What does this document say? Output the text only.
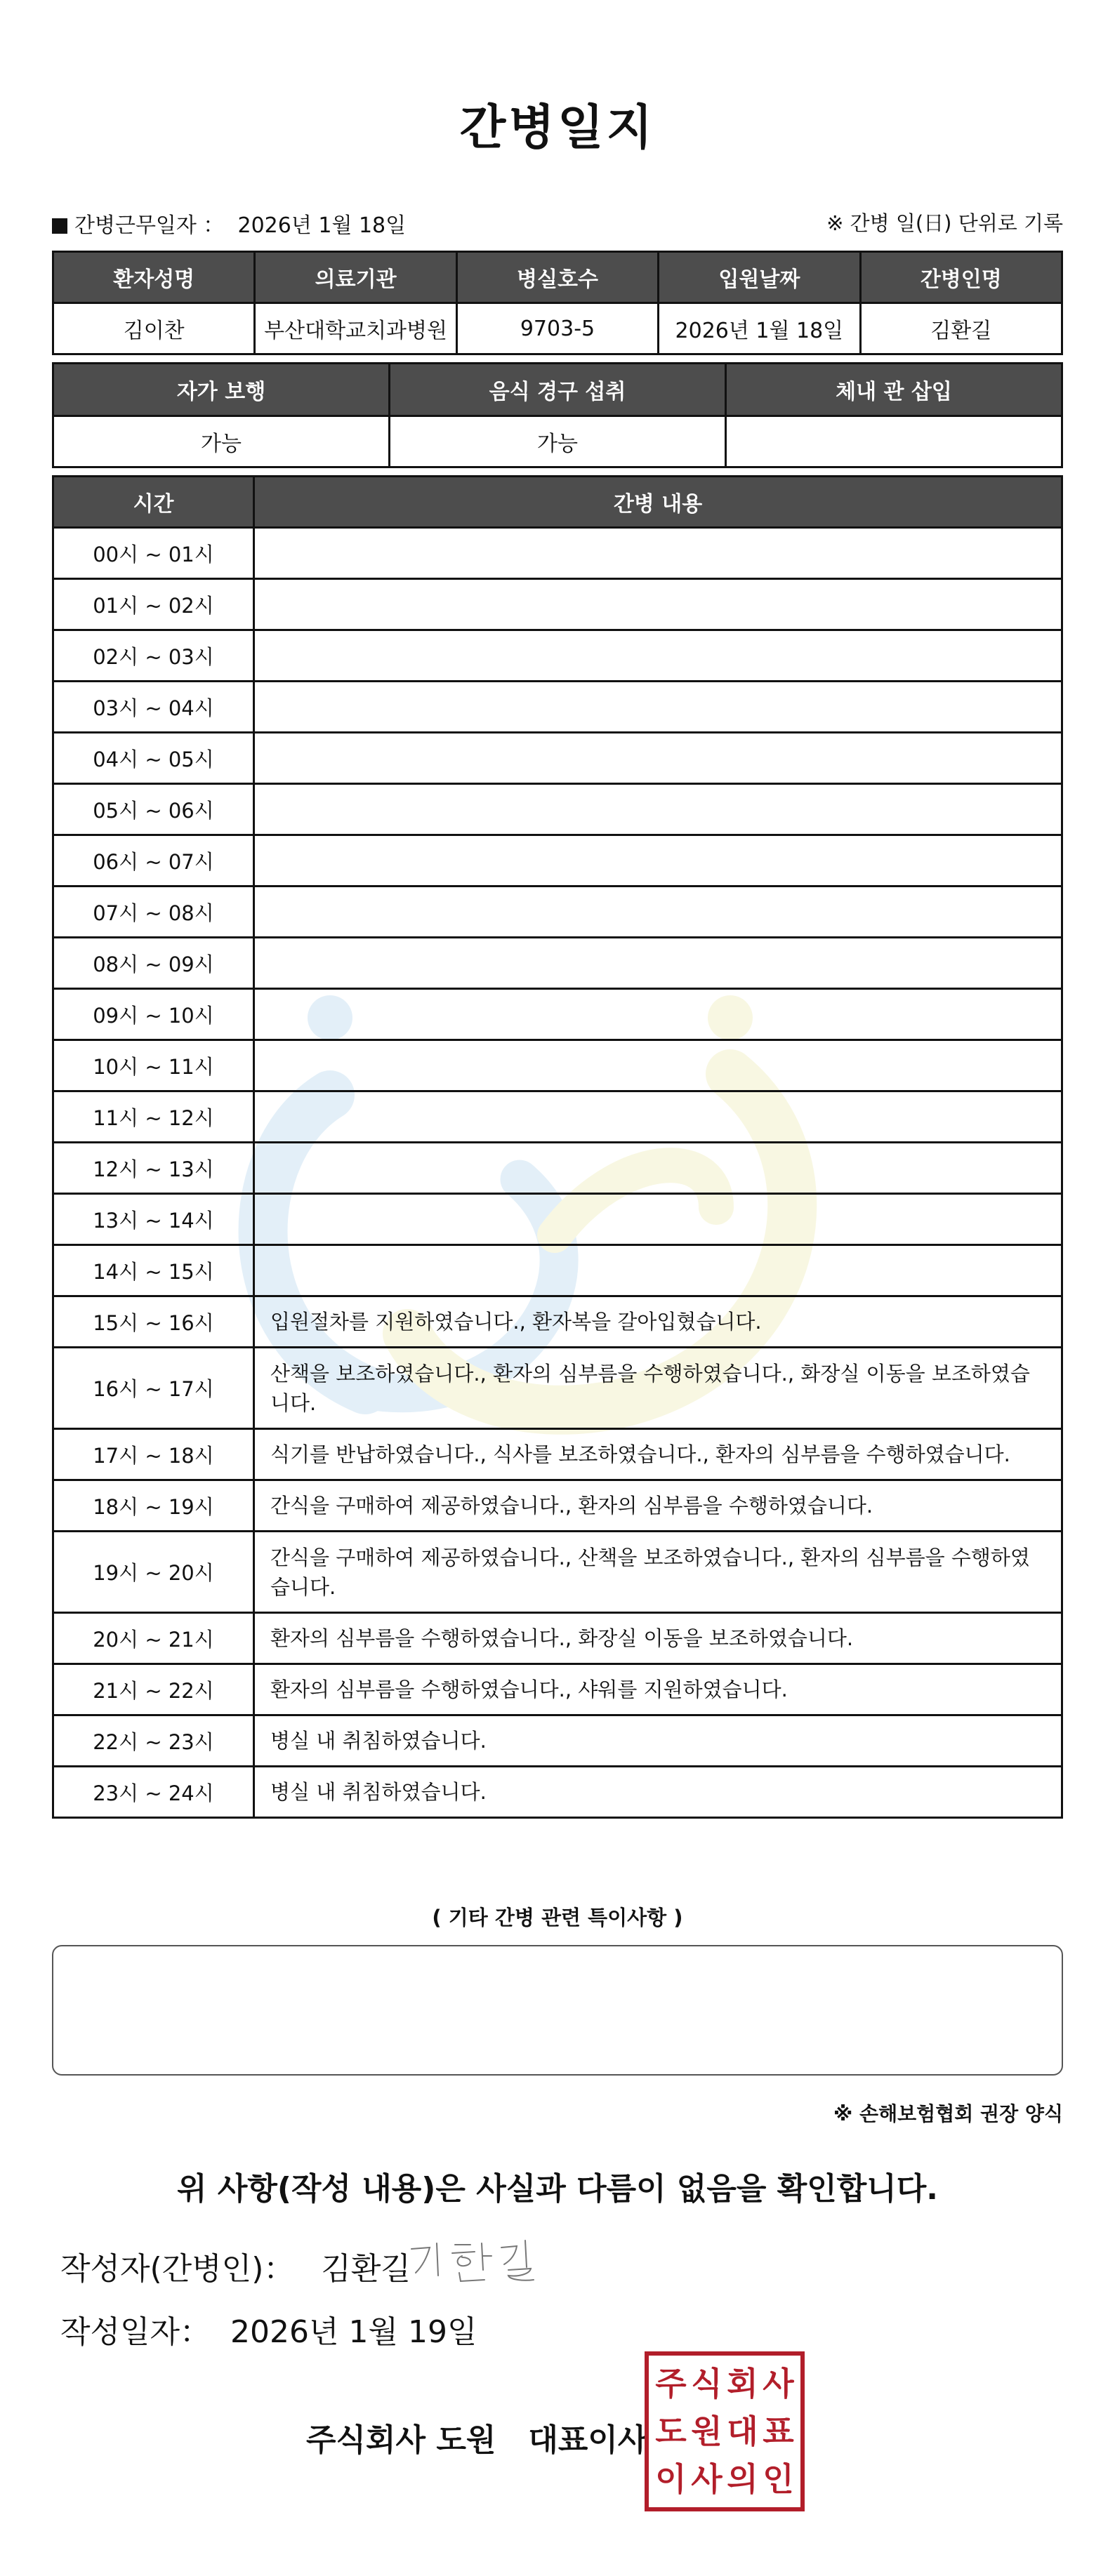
간병일지
간병근무일자 ： 2026년 1월 18일	※ 간병 일(日) 단위로 기록
환자성명	의료기관	병실호수	입원날짜	간병인명
김이찬	부산대학교치과병원	9703-5	2026년 1월 18일	김환길
자가 보행	음식 경구 섭취	체내 관 삽입
가능	가능	
시간	간병 내용
00시 ~ 01시	
01시 ~ 02시	
02시 ~ 03시	
03시 ~ 04시	
04시 ~ 05시	
05시 ~ 06시	
06시 ~ 07시	
07시 ~ 08시	
08시 ~ 09시	
09시 ~ 10시	
10시 ~ 11시	
11시 ~ 12시	
12시 ~ 13시	
13시 ~ 14시	
14시 ~ 15시	
15시 ~ 16시	입원절차를 지원하였습니다., 환자복을 갈아입혔습니다.
16시 ~ 17시	산책을 보조하였습니다., 환자의 심부름을 수행하였습니다., 화장실 이동을 보조하였습니다.
17시 ~ 18시	식기를 반납하였습니다., 식사를 보조하였습니다., 환자의 심부름을 수행하였습니다.
18시 ~ 19시	간식을 구매하여 제공하였습니다., 환자의 심부름을 수행하였습니다.
19시 ~ 20시	간식을 구매하여 제공하였습니다., 산책을 보조하였습니다., 환자의 심부름을 수행하였습니다.
20시 ~ 21시	환자의 심부름을 수행하였습니다., 화장실 이동을 보조하였습니다.
21시 ~ 22시	환자의 심부름을 수행하였습니다., 샤워를 지원하였습니다.
22시 ~ 23시	병실 내 취침하였습니다.
23시 ~ 24시	병실 내 취침하였습니다.
( 기타 간병 관련 특이사항 )
※ 손해보험협회 권장 양식
위 사항(작성 내용)은 사실과 다름이 없음을 확인합니다.
작성자(간병인)： 김환길
작성일자： 2026년 1월 19일
주식회사 도원 대표이사
주 식 회 사
도 원 대 표
이 사 의 인
